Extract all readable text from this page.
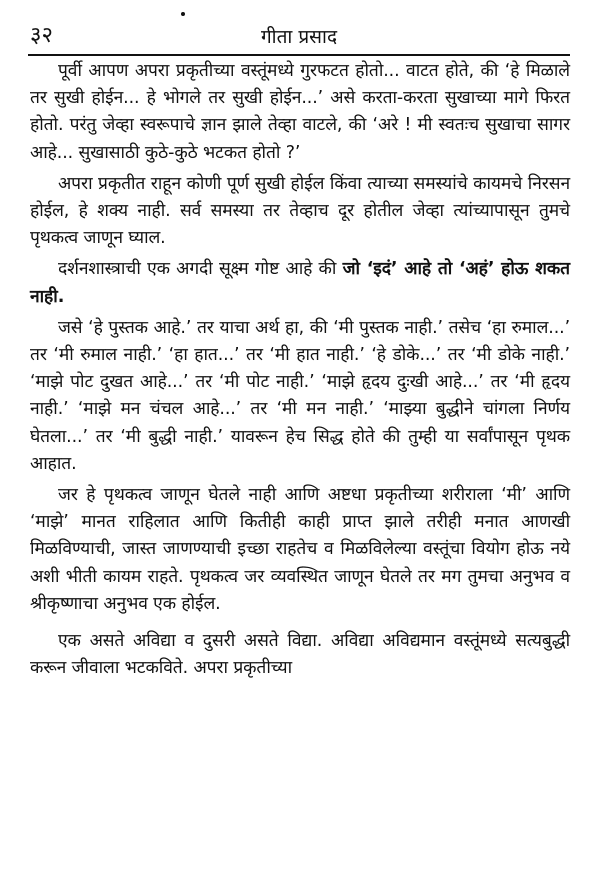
३२	गीता प्रसाद

पूर्वी आपण अपरा प्रकृतीच्या वस्तूंमध्ये गुरफटत होतो... वाटत होते, की ‘हे मिळाले तर सुखी होईन... हे भोगले तर सुखी होईन...’ असे करता-करता सुखाच्या मागे फिरत होतो. परंतु जेव्हा स्वरूपाचे ज्ञान झाले तेव्हा वाटले, की ‘अरे ! मी स्वतःच सुखाचा सागर आहे... सुखासाठी कुठे-कुठे भटकत होतो ?’

अपरा प्रकृतीत राहून कोणी पूर्ण सुखी होईल किंवा त्याच्या समस्यांचे कायमचे निरसन होईल, हे शक्य नाही. सर्व समस्या तर तेव्हाच दूर होतील जेव्हा त्यांच्यापासून तुमचे पृथकत्व जाणून घ्याल.

दर्शनशास्त्राची एक अगदी सूक्ष्म गोष्ट आहे की जो ‘इदं’ आहे तो ‘अहं’ होऊ शकत नाही.

जसे ‘हे पुस्तक आहे.’ तर याचा अर्थ हा, की ‘मी पुस्तक नाही.’ तसेच ‘हा रुमाल...’ तर ‘मी रुमाल नाही.’ ‘हा हात...’ तर ‘मी हात नाही.’ ‘हे डोके...’ तर ‘मी डोके नाही.’ ‘माझे पोट दुखत आहे...’ तर ‘मी पोट नाही.’ ‘माझे हृदय दुःखी आहे...’ तर ‘मी हृदय नाही.’ ‘माझे मन चंचल आहे...’ तर ‘मी मन नाही.’ ‘माझ्या बुद्धीने चांगला निर्णय घेतला...’ तर ‘मी बुद्धी नाही.’ यावरून हेच सिद्ध होते की तुम्ही या सर्वांपासून पृथक आहात.

जर हे पृथकत्व जाणून घेतले नाही आणि अष्टधा प्रकृतीच्या शरीराला ‘मी’ आणि ‘माझे’ मानत राहिलात आणि कितीही काही प्राप्त झाले तरीही मनात आणखी मिळविण्याची, जास्त जाणण्याची इच्छा राहतेच व मिळविलेल्या वस्तूंचा वियोग होऊ नये अशी भीती कायम राहते. पृथकत्व जर व्यवस्थित जाणून घेतले तर मग तुमचा अनुभव व श्रीकृष्णाचा अनुभव एक होईल.

एक असते अविद्या व दुसरी असते विद्या. अविद्या अविद्यमान वस्तूंमध्ये सत्यबुद्धी करून जीवाला भटकविते. अपरा प्रकृतीच्या
